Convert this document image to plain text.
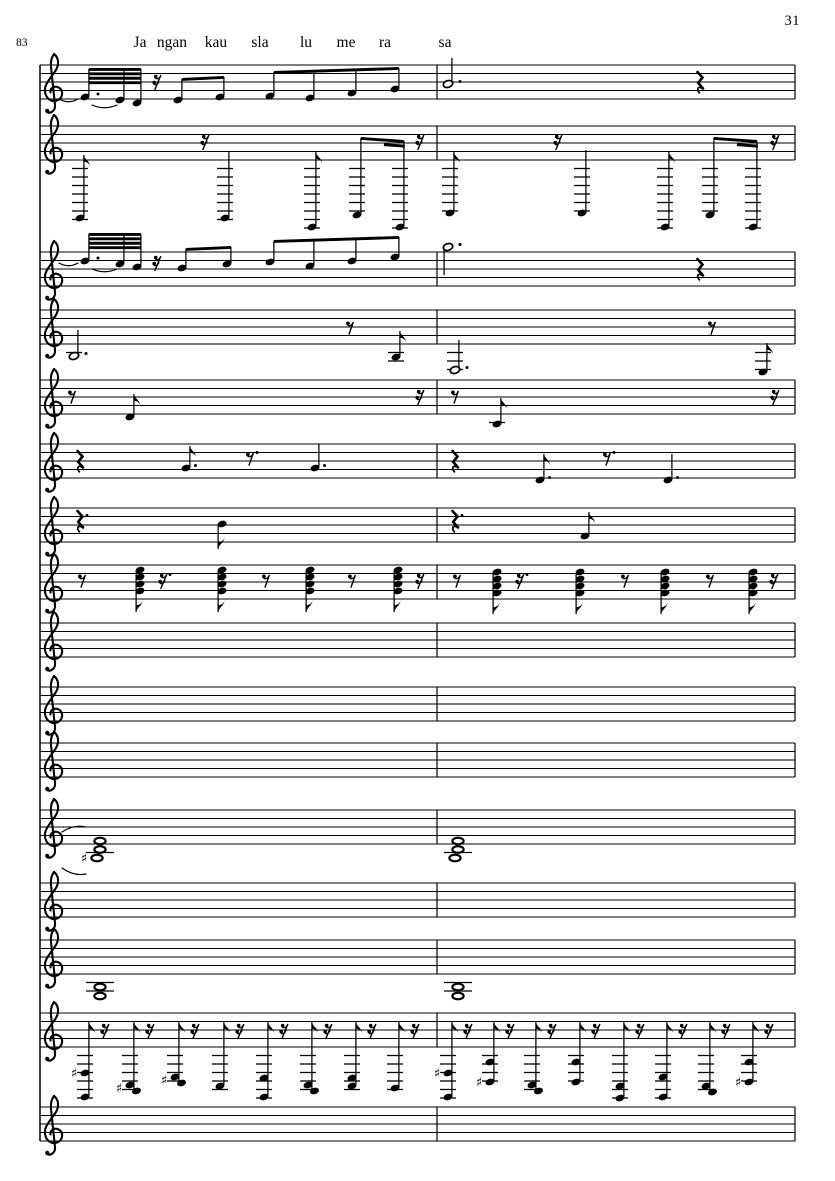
31
83	Ja ngan kau sla lu me ra	sa
♯
♯
♯
♯	♯
♯	♯
